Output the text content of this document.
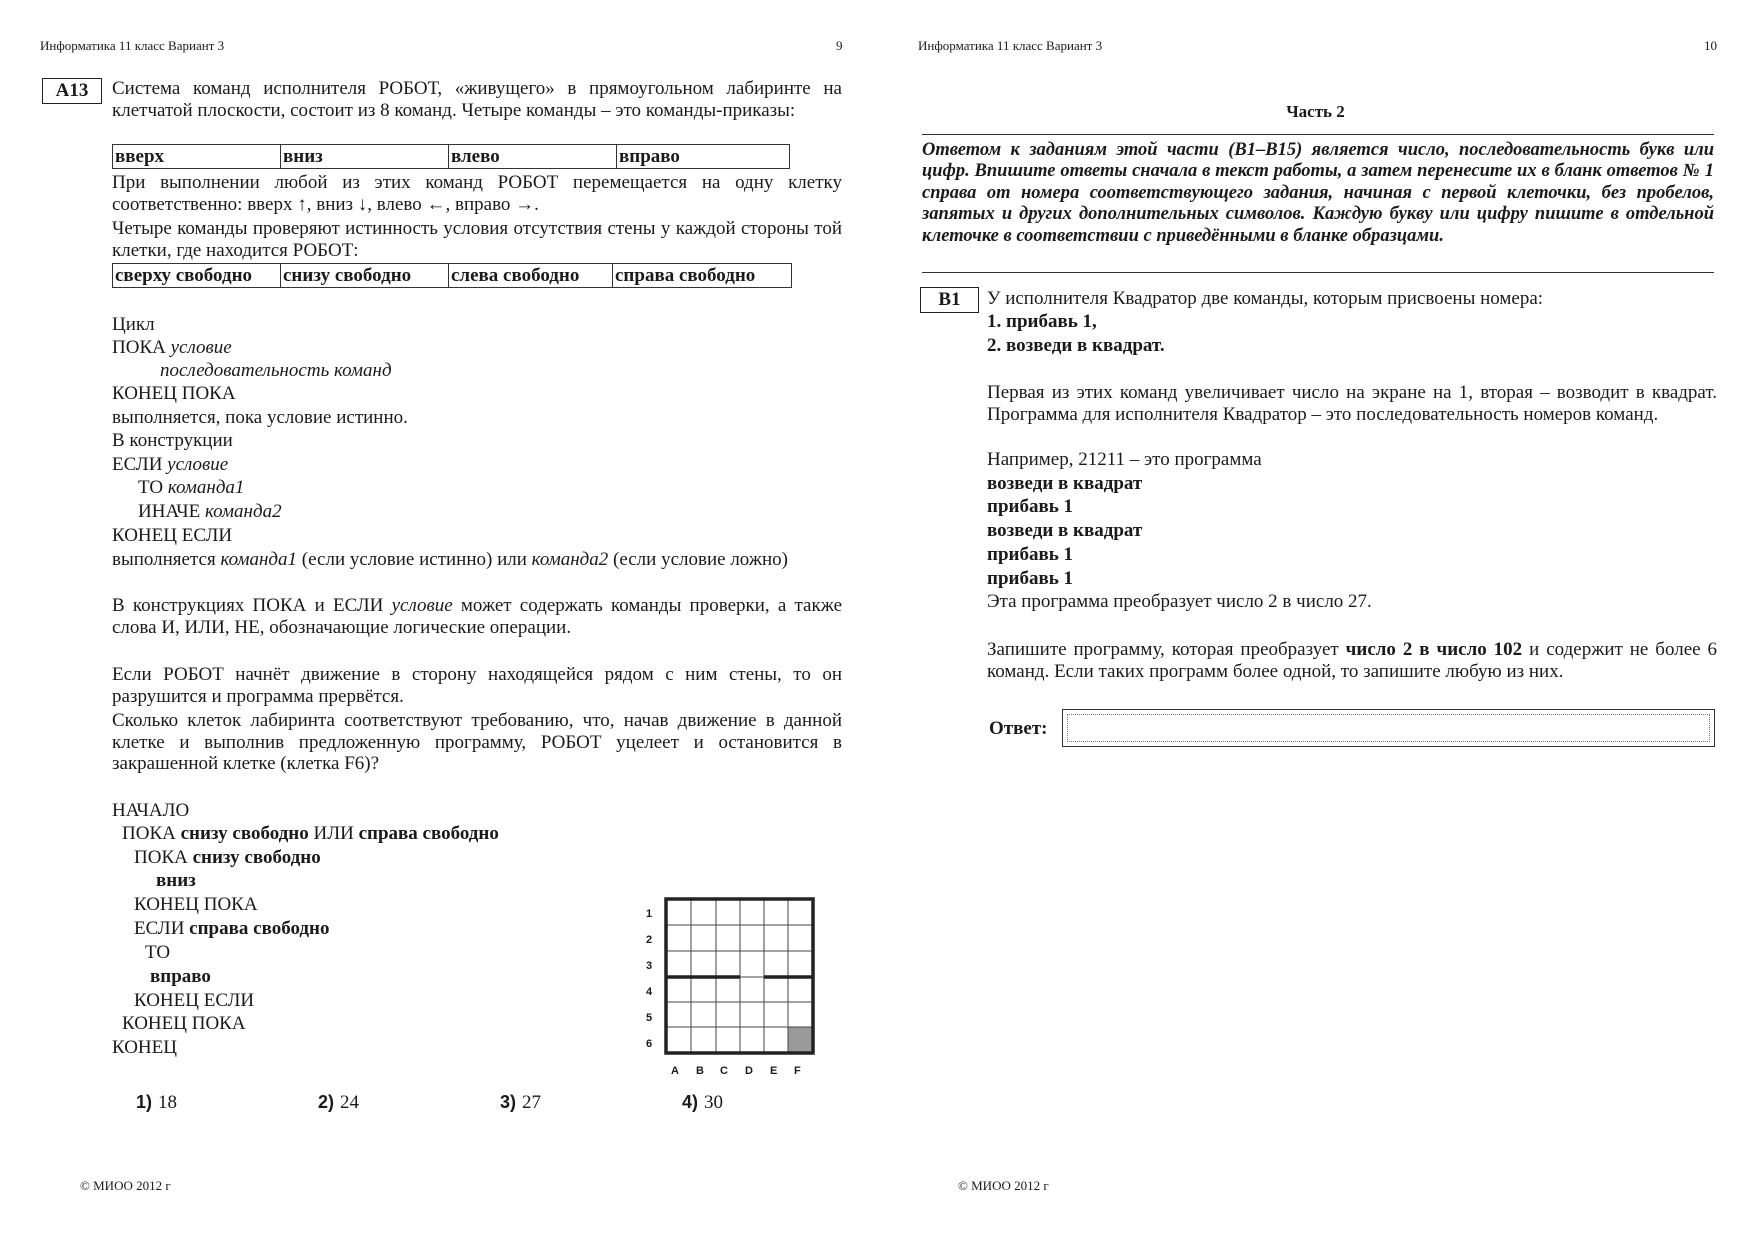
Информатика 11 класс Вариант 3	9
A13	Система команд исполнителя РОБОТ, «живущего» в прямоугольном лабиринте на клетчатой плоскости, состоит из 8 команд. Четыре команды – это команды-приказы:
вверх	вниз	влево	вправо
При выполнении любой из этих команд РОБОТ перемещается на одну клетку
соответственно: вверх ↑, вниз ↓, влево ←, вправо →.
Четыре команды проверяют истинность условия отсутствия стены у каждой стороны той клетки, где находится РОБОТ:
сверху свободно	снизу свободно	слева свободно	справа свободно
Цикл
ПОКА условие
последовательность команд
КОНЕЦ ПОКА
выполняется, пока условие истинно.
В конструкции
ЕСЛИ условие
ТО команда1
ИНАЧЕ команда2
КОНЕЦ ЕСЛИ
выполняется команда1 (если условие истинно) или команда2 (если условие ложно)
В конструкциях ПОКА и ЕСЛИ условие может содержать команды проверки, а также слова И, ИЛИ, НЕ, обозначающие логические операции.
Если РОБОТ начнёт движение в сторону находящейся рядом с ним стены, то он разрушится и программа прервётся.
Сколько клеток лабиринта соответствуют требованию, что, начав движение в данной клетке и выполнив предложенную программу, РОБОТ уцелеет и остановится в закрашенной клетке (клетка F6)?
НАЧАЛО
ПОКА снизу свободно ИЛИ справа свободно
ПОКА снизу свободно
вниз
КОНЕЦ ПОКА
ЕСЛИ справа свободно
ТО
вправо
КОНЕЦ ЕСЛИ
КОНЕЦ ПОКА
КОНЕЦ
1
2
3
4
5
6
A B C D E F
1) 18	2) 24	3) 27	4) 30
© МИОО 2012 г
Информатика 11 класс Вариант 3	10
Часть 2
Ответом к заданиям этой части (В1–В15) является число, последовательность букв или цифр. Впишите ответы сначала в текст работы, а затем перенесите их в бланк ответов № 1 справа от номера соответствующего задания, начиная с первой клеточки, без пробелов, запятых и других дополнительных символов. Каждую букву или цифру пишите в отдельной клеточке в соответствии с приведёнными в бланке образцами.
B1	У исполнителя Квадратор две команды, которым присвоены номера:
1. прибавь 1,
2. возведи в квадрат.
Первая из этих команд увеличивает число на экране на 1, вторая – возводит в квадрат. Программа для исполнителя Квадратор – это последовательность номеров команд.
Например, 21211 – это программа
возведи в квадрат
прибавь 1
возведи в квадрат
прибавь 1
прибавь 1
Эта программа преобразует число 2 в число 27.
Запишите программу, которая преобразует число 2 в число 102 и содержит не более 6 команд. Если таких программ более одной, то запишите любую из них.
Ответ:
© МИОО 2012 г
